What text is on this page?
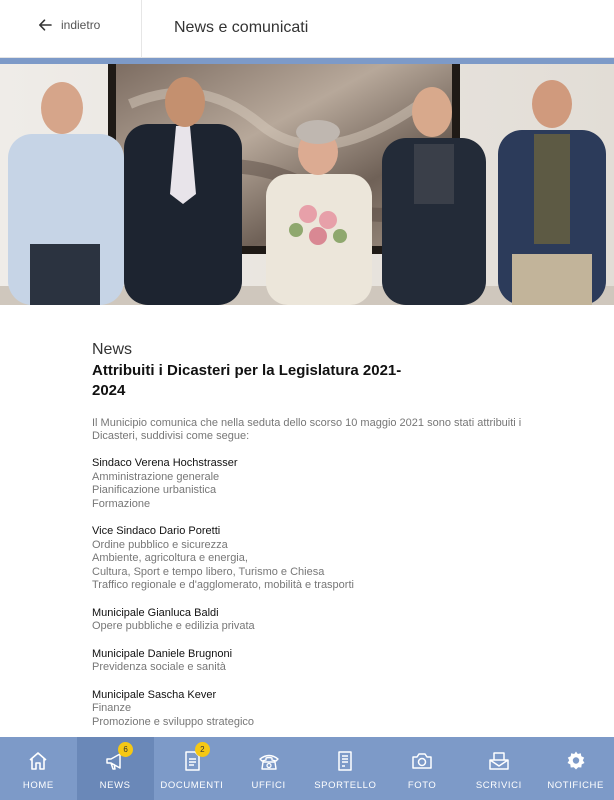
indietro	News e comunicati
News
Attribuiti i Dicasteri per la Legislatura 2021-2024
Il Municipio comunica che nella seduta dello scorso 10 maggio 2021 sono stati attribuiti i Dicasteri, suddivisi come segue:
Sindaco Verena Hochstrasser
Amministrazione generale
Pianificazione urbanistica
Formazione
Vice Sindaco Dario Poretti
Ordine pubblico e sicurezza
Ambiente, agricoltura e energia,
Cultura, Sport e tempo libero, Turismo e Chiesa
Traffico regionale e d'agglomerato, mobilità e trasporti
Municipale Gianluca Baldi
Opere pubbliche e edilizia privata
Municipale Daniele Brugnoni
Previdenza sociale e sanità
Municipale Sascha Kever
Finanze
Promozione e sviluppo strategico
HOME
6
NEWS
2
DOCUMENTI	UFFICI	SPORTELLO	FOTO	SCRIVICI	NOTIFICHE
